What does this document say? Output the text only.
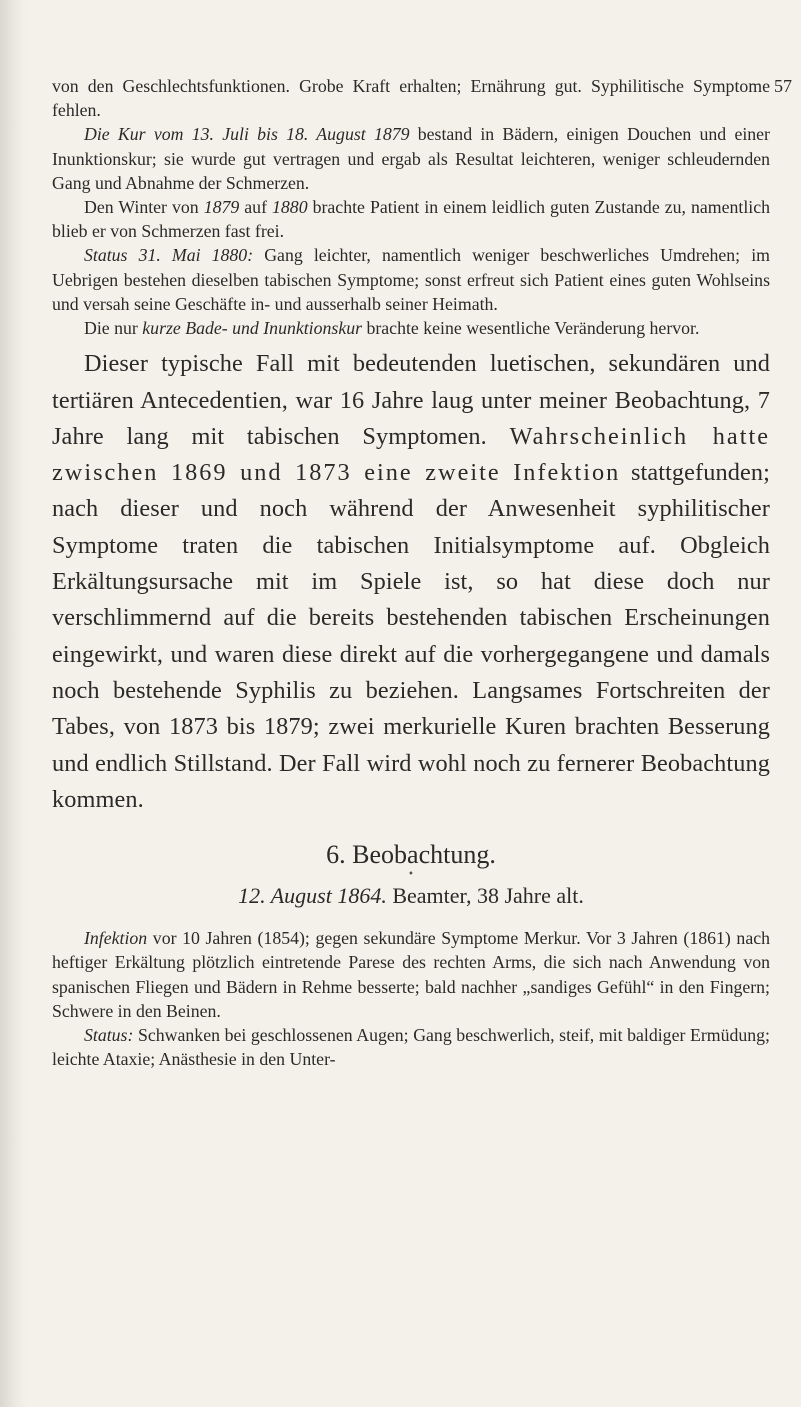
57

von den Geschlechtsfunktionen. Grobe Kraft erhalten; Ernährung gut. Syphilitische Symptome fehlen.

Die Kur vom 13. Juli bis 18. August 1879 bestand in Bädern, einigen Douchen und einer Inunktionskur; sie wurde gut vertragen und ergab als Resultat leichteren, weniger schleudernden Gang und Abnahme der Schmerzen.

Den Winter von 1879 auf 1880 brachte Patient in einem leidlich guten Zustande zu, namentlich blieb er von Schmerzen fast frei.

Status 31. Mai 1880: Gang leichter, namentlich weniger beschwerliches Umdrehen; im Uebrigen bestehen dieselben tabischen Symptome; sonst erfreut sich Patient eines guten Wohlseins und versah seine Geschäfte in- und ausserhalb seiner Heimath.

Die nur kurze Bade- und Inunktionskur brachte keine wesentliche Veränderung hervor.

Dieser typische Fall mit bedeutenden luetischen, sekundären und tertiären Antecedentien, war 16 Jahre laug unter meiner Beobachtung, 7 Jahre lang mit tabischen Symptomen. Wahrscheinlich hatte zwischen 1869 und 1873 eine zweite Infektion stattgefunden; nach dieser und noch während der Anwesenheit syphilitischer Symptome traten die tabischen Initialsymptome auf. Obgleich Erkältungsursache mit im Spiele ist, so hat diese doch nur verschlimmernd auf die bereits bestehenden tabischen Erscheinungen eingewirkt, und waren diese direkt auf die vorhergegangene und damals noch bestehende Syphilis zu beziehen. Langsames Fortschreiten der Tabes, von 1873 bis 1879; zwei merkurielle Kuren brachten Besserung und endlich Stillstand. Der Fall wird wohl noch zu fernerer Beobachtung kommen.

6. Beobachtung.

•

12. August 1864. Beamter, 38 Jahre alt.

Infektion vor 10 Jahren (1854); gegen sekundäre Symptome Merkur. Vor 3 Jahren (1861) nach heftiger Erkältung plötzlich eintretende Parese des rechten Arms, die sich nach Anwendung von spanischen Fliegen und Bädern in Rehme besserte; bald nachher „sandiges Gefühl“ in den Fingern; Schwere in den Beinen.

Status: Schwanken bei geschlossenen Augen; Gang beschwerlich, steif, mit baldiger Ermüdung; leichte Ataxie; Anästhesie in den Unter-
